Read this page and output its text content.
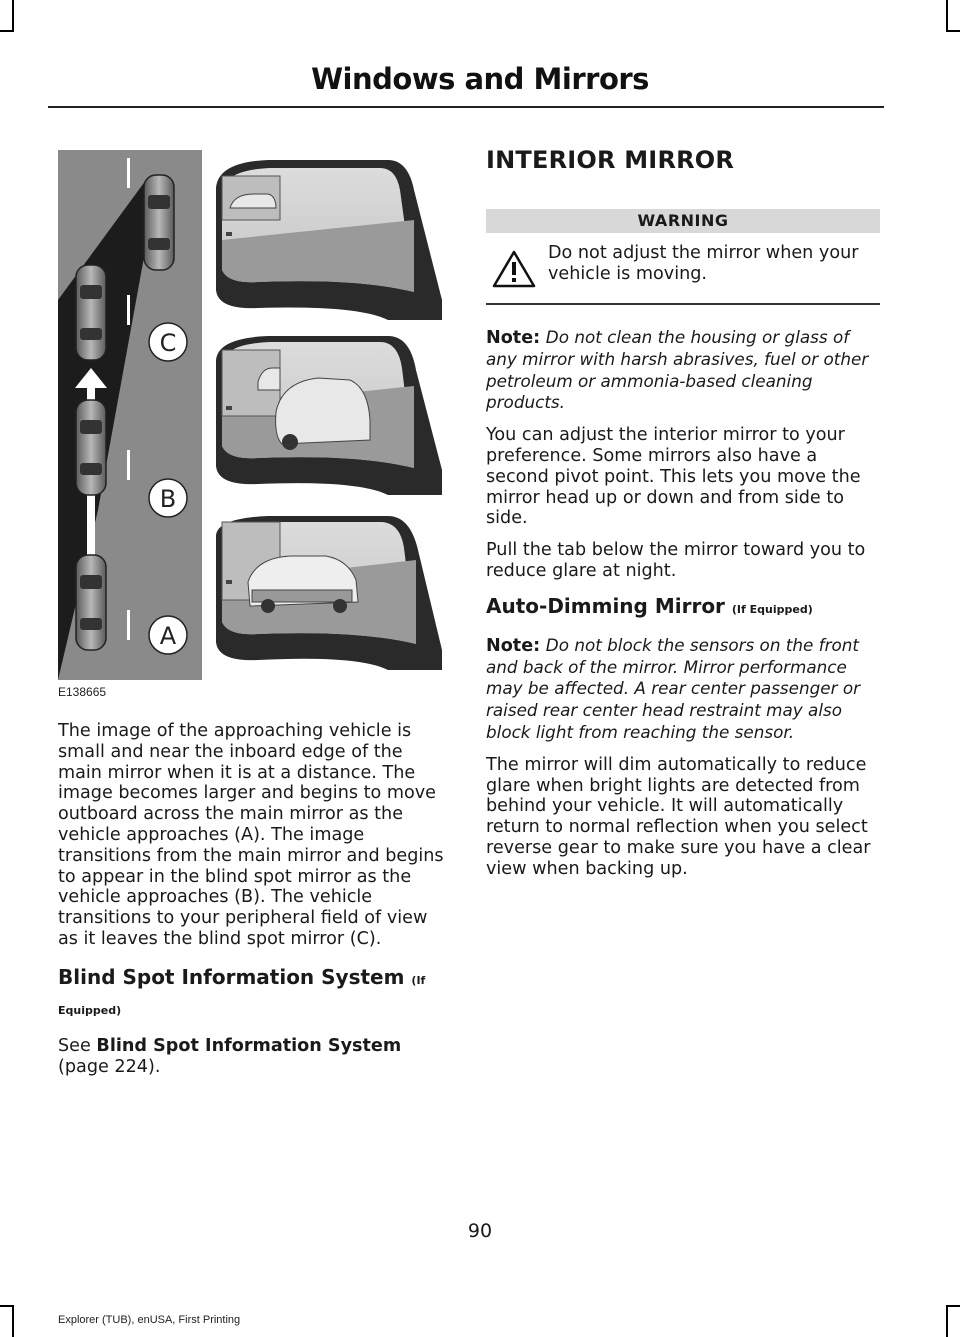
Windows and Mirrors
C
B
A
E138665

The image of the approaching vehicle is small and near the inboard edge of the main mirror when it is at a distance. The image becomes larger and begins to move outboard across the main mirror as the vehicle approaches (A). The image transitions from the main mirror and begins to appear in the blind spot mirror as the vehicle approaches (B). The vehicle transitions to your peripheral field of view as it leaves the blind spot mirror (C).

Blind Spot Information System (If Equipped)

See Blind Spot Information System (page 224).

INTERIOR MIRROR
WARNING
Do not adjust the mirror when your vehicle is moving.

Note: Do not clean the housing or glass of any mirror with harsh abrasives, fuel or other petroleum or ammonia-based cleaning products.

You can adjust the interior mirror to your preference. Some mirrors also have a second pivot point. This lets you move the mirror head up or down and from side to side.

Pull the tab below the mirror toward you to reduce glare at night.

Auto-Dimming Mirror (If Equipped)

Note: Do not block the sensors on the front and back of the mirror. Mirror performance may be affected. A rear center passenger or raised rear center head restraint may also block light from reaching the sensor.

The mirror will dim automatically to reduce glare when bright lights are detected from behind your vehicle. It will automatically return to normal reflection when you select reverse gear to make sure you have a clear view when backing up.

90
Explorer (TUB), enUSA, First Printing
